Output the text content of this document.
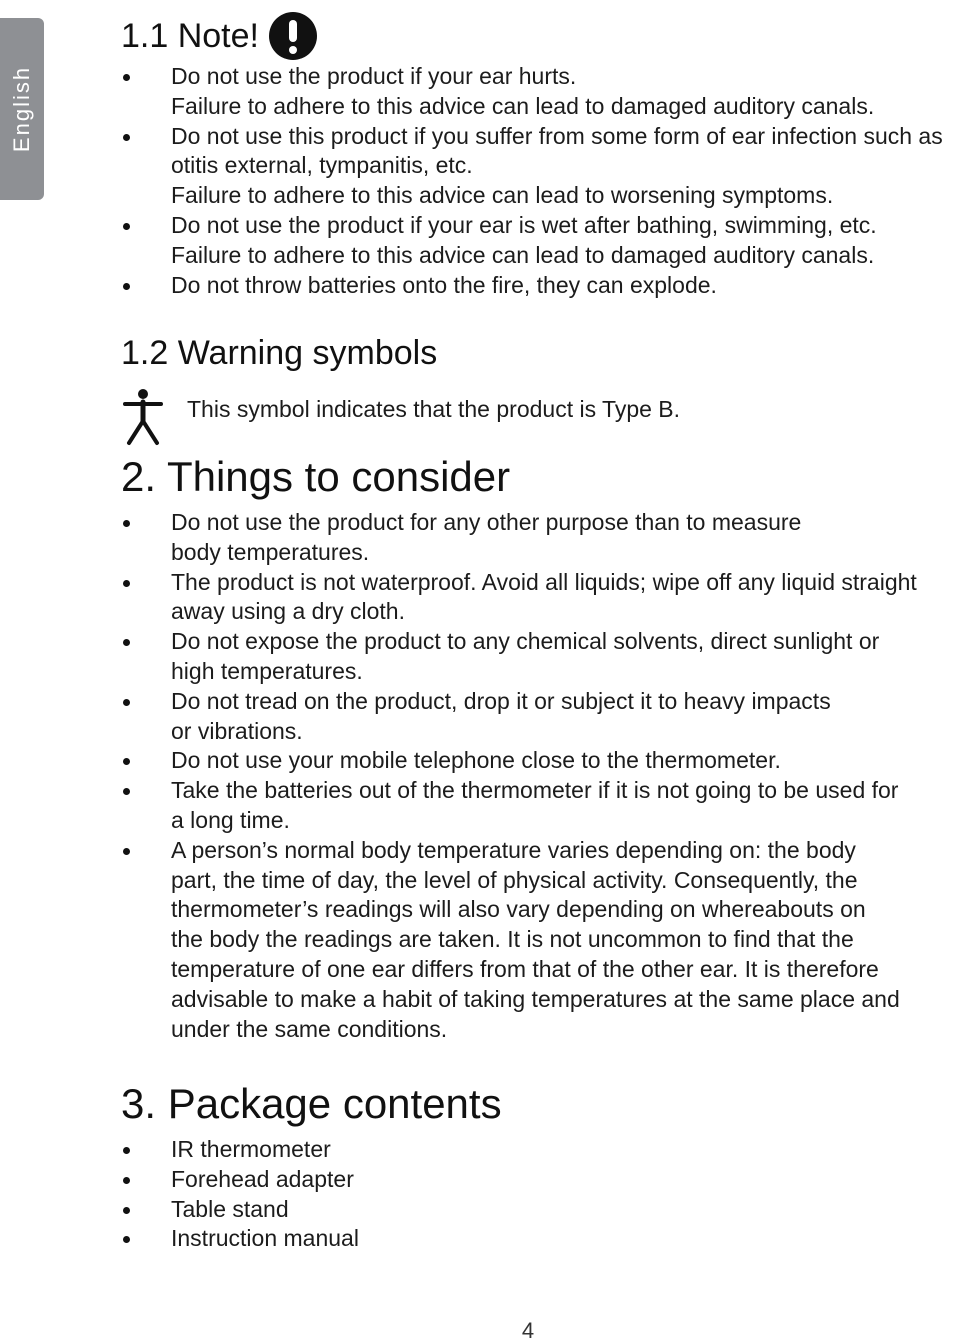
English
1.1 Note!
Do not use the product if your ear hurts.
Failure to adhere to this advice can lead to damaged auditory canals.
Do not use this product if you suffer from some form of ear infection such as otitis external, tympanitis, etc.
Failure to adhere to this advice can lead to worsening symptoms.
Do not use the product if your ear is wet after bathing, swimming, etc.
Failure to adhere to this advice can lead to damaged auditory canals.
Do not throw batteries onto the fire, they can explode.
1.2 Warning symbols
This symbol indicates that the product is Type B.
2. Things to consider
Do not use the product for any other purpose than to measure
body temperatures.
The product is not waterproof. Avoid all liquids; wipe off any liquid straight away using a dry cloth.
Do not expose the product to any chemical solvents, direct sunlight or
high temperatures.
Do not tread on the product, drop it or subject it to heavy impacts
or vibrations.
Do not use your mobile telephone close to the thermometer.
Take the batteries out of the thermometer if it is not going to be used for
a long time.
A person’s normal body temperature varies depending on: the body
part, the time of day, the level of physical activity. Consequently, the
thermometer’s readings will also vary depending on whereabouts on
the body the readings are taken. It is not uncommon to find that the
temperature of one ear differs from that of the other ear. It is therefore
advisable to make a habit of taking temperatures at the same place and
under the same conditions.
3. Package contents
IR thermometer
Forehead adapter
Table stand
Instruction manual
4
